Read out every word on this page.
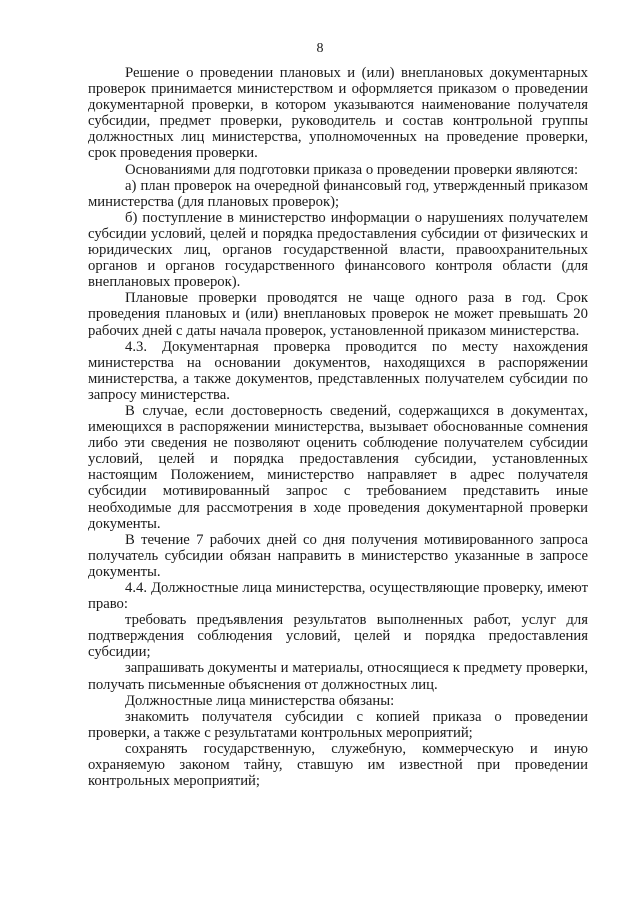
8

Решение о проведении плановых и (или) внеплановых документарных проверок принимается министерством и оформляется приказом о проведении документарной проверки, в котором указываются наименование получателя субсидии, предмет проверки, руководитель и состав контрольной группы должностных лиц министерства, уполномоченных на проведение проверки, срок проведения проверки.

Основаниями для подготовки приказа о проведении проверки являются:

а) план проверок на очередной финансовый год, утвержденный приказом министерства (для плановых проверок);

б) поступление в министерство информации о нарушениях получателем субсидии условий, целей и порядка предоставления субсидии от физических и юридических лиц, органов государственной власти, правоохранительных органов и органов государственного финансового контроля области (для внеплановых проверок).

Плановые проверки проводятся не чаще одного раза в год. Срок проведения плановых и (или) внеплановых проверок не может превышать 20 рабочих дней с даты начала проверок, установленной приказом министерства.

4.3. Документарная проверка проводится по месту нахождения министерства на основании документов, находящихся в распоряжении министерства, а также документов, представленных получателем субсидии по запросу министерства.

В случае, если достоверность сведений, содержащихся в документах, имеющихся в распоряжении министерства, вызывает обоснованные сомнения либо эти сведения не позволяют оценить соблюдение получателем субсидии условий, целей и порядка предоставления субсидии, установленных настоящим Положением, министерство направляет в адрес получателя субсидии мотивированный запрос с требованием представить иные необходимые для рассмотрения в ходе проведения документарной проверки документы.

В течение 7 рабочих дней со дня получения мотивированного запроса получатель субсидии обязан направить в министерство указанные в запросе документы.

4.4. Должностные лица министерства, осуществляющие проверку, имеют право:

требовать предъявления результатов выполненных работ, услуг для подтверждения соблюдения условий, целей и порядка предоставления субсидии;

запрашивать документы и материалы, относящиеся к предмету проверки, получать письменные объяснения от должностных лиц.

Должностные лица министерства обязаны:

знакомить получателя субсидии с копией приказа о проведении проверки, а также с результатами контрольных мероприятий;

сохранять государственную, служебную, коммерческую и иную охраняемую законом тайну, ставшую им известной при проведении контрольных мероприятий;
